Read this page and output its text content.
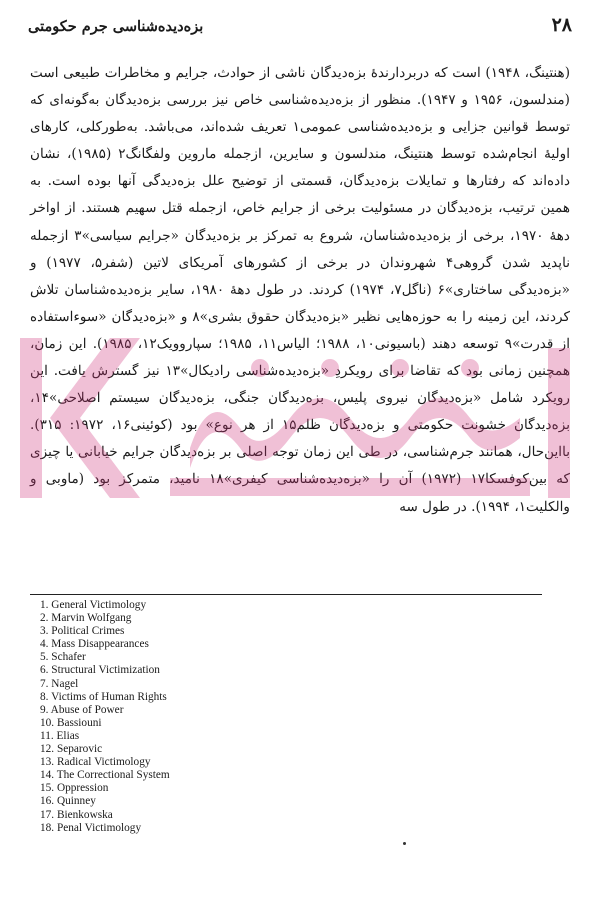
۲۸
بزه‌دیده‌شناسی جرم حکومتی

(هنتینگ، ۱۹۴۸) است که دربردارندهٔ بزه‌دیدگان ناشی از حوادث، جرایم و مخاطرات طبیعی است (مندلسون، ۱۹۵۶ و ۱۹۴۷). منظور از بزه‌دیده‌شناسی خاص نیز بررسی بزه‌دیدگان به‌گونه‌ای که توسط قوانین جزایی و بزه‌دیده‌شناسی عمومی۱ تعریف شده‌اند، می‌باشد. به‌طورکلی، کارهای اولیهٔ انجام‌شده توسط هنتینگ، مندلسون و سایرین، ازجمله ماروین ولفگانگ۲ (۱۹۸۵)، نشان داده‌اند که رفتارها و تمایلات بزه‌دیدگان، قسمتی از توضیح علل بزه‌دیدگی آنها بوده است. به همین ترتیب، بزه‌دیدگان در مسئولیت برخی از جرایم خاص، ازجمله قتل سهیم هستند. از اواخر دههٔ ۱۹۷۰، برخی از بزه‌دیده‌شناسان، شروع به تمرکز بر بزه‌دیدگان «جرایم سیاسی»۳ ازجمله ناپدید شدن گروهی۴ شهروندان در برخی از کشورهای آمریکای لاتین (شفر۵، ۱۹۷۷) و «بزه‌دیدگی ساختاری»۶ (ناگل۷، ۱۹۷۴) کردند. در طول دههٔ ۱۹۸۰، سایر بزه‌دیده‌شناسان تلاش کردند، این زمینه را به حوزه‌هایی نظیر «بزه‌دیدگان حقوق بشری»۸ و «بزه‌دیدگان «سوءاستفاده از قدرت»۹ توسعه دهند (باسیونی۱۰، ۱۹۸۸؛ الیاس۱۱، ۱۹۸۵؛ سپاروویک۱۲، ۱۹۸۵). این زمان، همچنین زمانی بود که تقاضا برای رویکردِ «بزه‌دیده‌شناسی رادیکال»۱۳ نیز گسترش یافت. این رویکرد شامل «بزه‌دیدگان نیروی پلیس، بزه‌دیدگان جنگی، بزه‌دیدگان سیستم اصلاحی»۱۴، بزه‌دیدگان خشونت حکومتی و بزه‌دیدگان ظلم۱۵ از هر نوع» بود (کوئینی۱۶، ۱۹۷۲: ۳۱۵). بااین‌حال، همانند جرم‌شناسی، در طی این زمان توجه اصلی بر بزه‌دیدگان جرایم خیابانی یا چیزی که بین‌کوفسکا۱۷ (۱۹۷۲) آن را «بزه‌دیده‌شناسی کیفری»۱۸ نامید، متمرکز بود (ماوبی و والکلیت۱، ۱۹۹۴). در طول سه

1. General Victimology
2. Marvin Wolfgang
3. Political Crimes
4. Mass Disappearances
5. Schafer
6. Structural Victimization
7. Nagel
8. Victims of Human Rights
9. Abuse of Power
10. Bassiouni
11. Elias
12. Separovic
13. Radical Victimology
14. The Correctional System
15. Oppression
16. Quinney
17. Bienkowska
18. Penal Victimology
